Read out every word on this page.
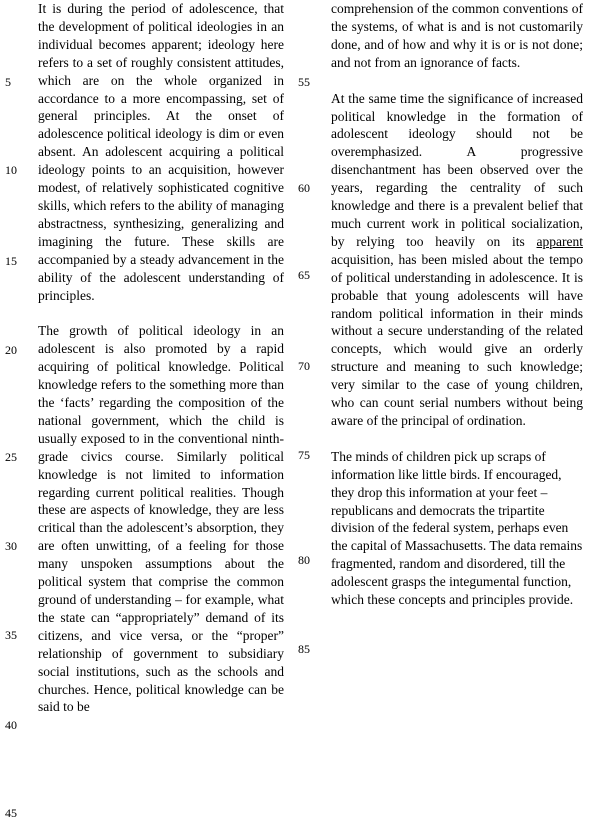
5
10
15
20
25
30
35
40
45
55
60
65
70
75
80
85

It is during the period of adolescence, that the development of political ideologies in an individual becomes apparent; ideology here refers to a set of roughly consistent attitudes, which are on the whole organized in accordance to a more encompassing, set of general principles. At the onset of adolescence political ideology is dim or even absent. An adolescent acquiring a political ideology points to an acquisition, however modest, of relatively sophisticated cognitive skills, which refers to the ability of managing abstractness, synthesizing, generalizing and imagining the future. These skills are accompanied by a steady advancement in the ability of the adolescent understanding of principles.

The growth of political ideology in an adolescent is also promoted by a rapid acquiring of political knowledge. Political knowledge refers to the something more than the ‘facts’ regarding the composition of the national government, which the child is usually exposed to in the conventional ninth-grade civics course. Similarly political knowledge is not limited to information regarding current political realities. Though these are aspects of knowledge, they are less critical than the adolescent’s absorption, they are often unwitting, of a feeling for those many unspoken assumptions about the political system that comprise the common ground of understanding – for example, what the state can “appropriately” demand of its citizens, and vice versa, or the “proper” relationship of government to subsidiary social institutions, such as the schools and churches. Hence, political knowledge can be said to be

comprehension of the common conventions of the systems, of what is and is not customarily done, and of how and why it is or is not done; and not from an ignorance of facts.

At the same time the significance of increased political knowledge in the formation of adolescent ideology should not be overemphasized. A progressive disenchantment has been observed over the years, regarding the centrality of such knowledge and there is a prevalent belief that much current work in political socialization, by relying too heavily on its apparent acquisition, has been misled about the tempo of political understanding in adolescence. It is probable that young adolescents will have random political information in their minds without a secure understanding of the related concepts, which would give an orderly structure and meaning to such knowledge; very similar to the case of young children, who can count serial numbers without being aware of the principal of ordination.

The minds of children pick up scraps of information like little birds. If encouraged, they drop this information at your feet – republicans and democrats the tripartite division of the federal system, perhaps even the capital of Massachusetts. The data remains fragmented, random and disordered, till the adolescent grasps the integumental function, which these concepts and principles provide.
